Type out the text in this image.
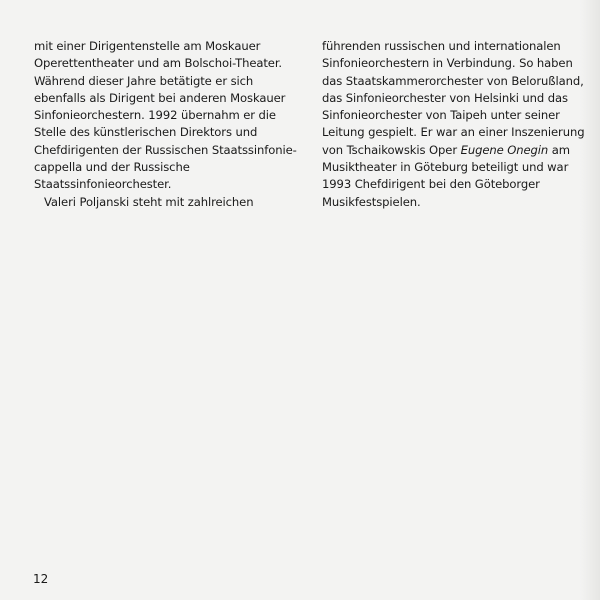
mit einer Dirigentenstelle am Moskauer
Operettentheater und am Bolschoi-Theater.
Während dieser Jahre betätigte er sich
ebenfalls als Dirigent bei anderen Moskauer
Sinfonieorchestern. 1992 übernahm er die
Stelle des künstlerischen Direktors und
Chefdirigenten der Russischen Staatssinfonie-
cappella und der Russische
Staatssinfonieorchester.
Valeri Poljanski steht mit zahlreichen
führenden russischen und internationalen
Sinfonieorchestern in Verbindung. So haben
das Staatskammerorchester von Belorußland,
das Sinfonieorchester von Helsinki und das
Sinfonieorchester von Taipeh unter seiner
Leitung gespielt. Er war an einer Inszenierung
von Tschaikowskis Oper Eugene Onegin am
Musiktheater in Göteburg beteiligt und war
1993 Chefdirigent bei den Göteborger
Musikfestspielen.
12
